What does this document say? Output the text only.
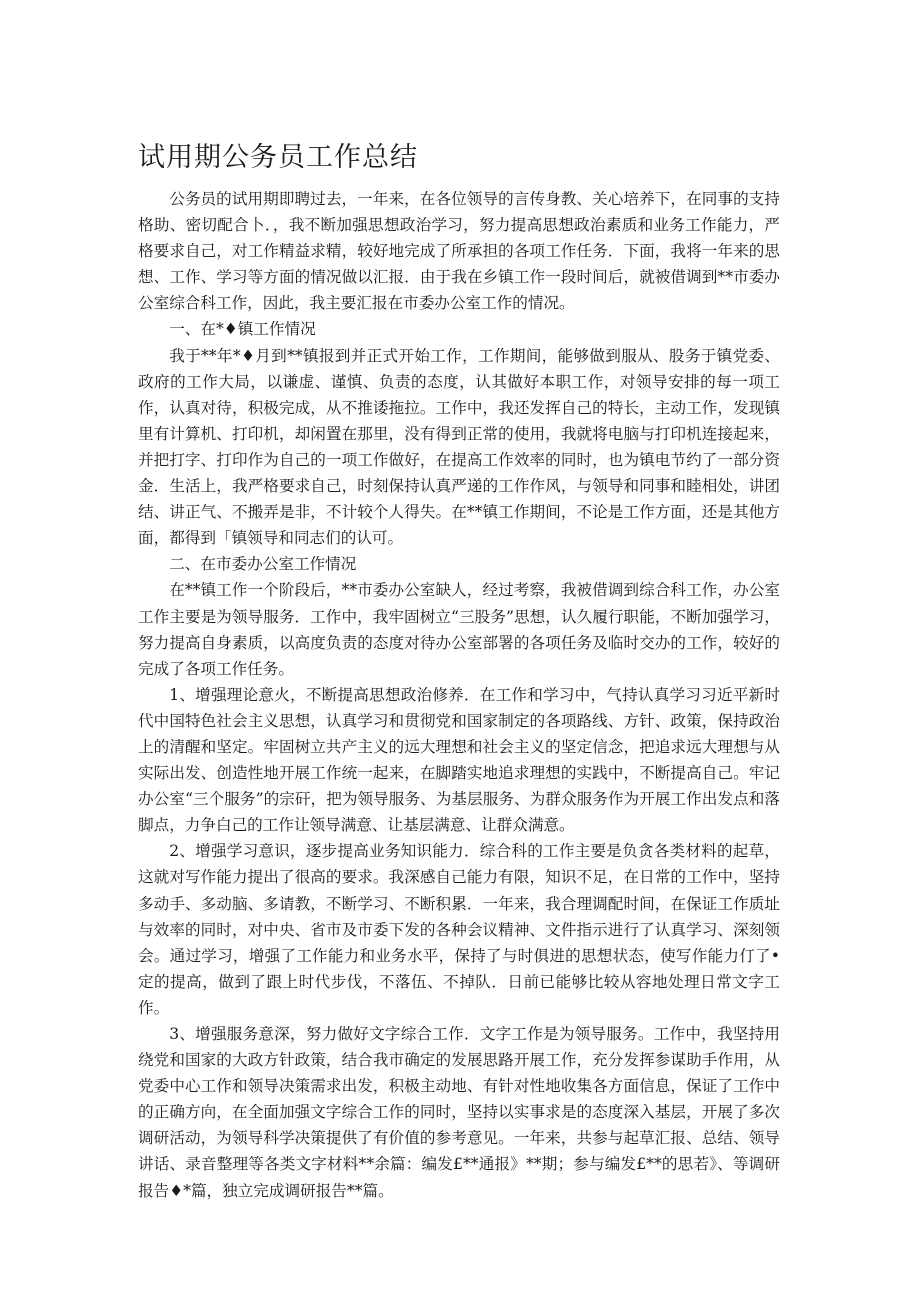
试用期公务员工作总结

公务员的试用期即聘过去，一年来，在各位领导的言传身教、关心培养下，在同事的支持格助、密切配合卜．，我不断加强思想政治学习，努力提高思想政治素质和业务工作能力，严格要求自己，对工作精益求精，较好地完成了所承担的各项工作任务．下面，我将一年来的思想、工作、学习等方面的情况做以汇报．由于我在乡镇工作一段时间后，就被借调到**市委办公室综合科工作，因此，我主要汇报在市委办公室工作的情况。

一、在*♦镇工作情况

我于**年*♦月到**镇报到并正式开始工作，工作期间，能够做到服从、股务于镇党委、政府的工作大局，以谦虚、谨慎、负责的态度，认其做好本职工作，对领导安排的每一项工作，认真对待，积极完成，从不推诿拖拉。工作中，我还发挥自己的特长，主动工作，发现镇里有计算机、打印机，却闲置在那里，没有得到正常的使用，我就将电脑与打印机连接起来，并把打字、打印作为自己的一项工作做好，在提高工作效率的同时，也为镇电节约了一部分资金．生活上，我严格要求自己，时刻保持认真严递的工作作风，与领导和同事和睦相处，讲团结、讲正气、不搬弄是非，不计较个人得失。在**镇工作期间，不论是工作方面，还是其他方面，都得到「镇领导和同志们的认可。

二、在市委办公室工作情况

在**镇工作一个阶段后，**市委办公室缺人，经过考察，我被借调到综合科工作，办公室工作主要是为领导服务．工作中，我牢固树立“三股务”思想，认久履行职能，不断加强学习，努力提高自身素质，以高度负责的态度对待办公室部署的各项任务及临时交办的工作，较好的完成了各项工作任务。

1、增强理论意火，不断提高思想政治修养．在工作和学习中，气持认真学习习近平新时代中国特色社会主义思想，认真学习和贯彻党和国家制定的各项路线、方针、政策，保持政治上的清醒和坚定。牢固树立共产主义的远大理想和社会主义的坚定信念，把追求远大理想与从实际出发、创造性地开展工作统一起来，在脚踏实地追求理想的实践中，不断提高自己。牢记办公室“三个服务”的宗矸，把为领导服务、为基层服务、为群众服务作为开展工作出发点和落脚点，力争白己的工作让领导满意、让基层满意、让群众满意。

2、增强学习意识，逐步提高业务知识能力．综合科的工作主要是负贪各类材料的起草，这就对写作能力提出了很高的要求。我深感自己能力有限，知识不足，在日常的工作中，坚持多动手、多动脑、多请教，不断学习、不断积累．一年来，我合理调配时间，在保证工作质址与效率的同时，对中央、省市及市委下发的各种会议精神、文件指示进行了认真学习、深刻领会。通过学习，增强了工作能力和业务水平，保持了与时俱进的思想状态，使写作能力仃了•定的提高，做到了跟上时代步伐，不落伍、不掉队．日前已能够比较从容地处理日常文字工作。

3、增强服务意深，努力做好文字综合工作．文字工作是为领导服务。工作中，我坚持用绕党和国家的大政方针政策，结合我市确定的发展思路开展工作，充分发挥参谋助手作用，从党委中心工作和领导决策需求出发，积极主动地、有针对性地收集各方面信息，保证了工作中的正确方向，在全面加强文字综合工作的同时，坚持以实事求是的态度深入基层，开展了多次调研活动，为领导科学决策提供了有价值的参考意见。一年来，共参与起草汇报、总结、领导讲话、录音整理等各类文字材料**余篇：编发£**通报》**期；参与编发£**的思若》、等调研报告♦*篇，独立完成调研报告**篇。
